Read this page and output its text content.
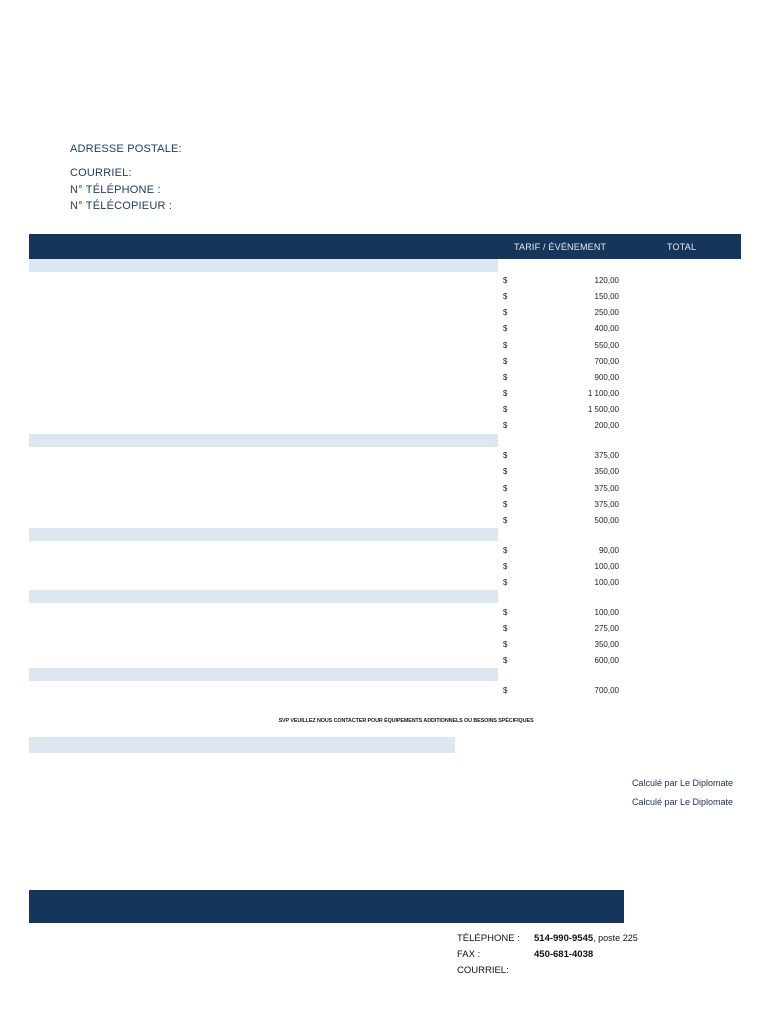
ADRESSE POSTALE:
COURRIEL:
N° TÉLÉPHONE :
N° TÉLÉCOPIEUR :
TARIF / ÉVÉNEMENT	TOTAL
$	120,00
$	150,00
$	250,00
$	400,00
$	550,00
$	700,00
$	900,00
$	1 100,00
$	1 500,00
$	200,00
$	375,00
$	350,00
$	375,00
$	375,00
$	500,00
$	90,00
$	100,00
$	100,00
$	100,00
$	275,00
$	350,00
$	600,00
$	700,00
SVP VEUILLEZ NOUS CONTACTER POUR ÉQUIPEMENTS ADDITIONNELS OU BESOINS SPÉCIFIQUES
Calculé par Le Diplomate
Calculé par Le Diplomate
TÉLÉPHONE : 514-990-9545, poste 225
FAX :	450-681-4038
COURRIEL:
